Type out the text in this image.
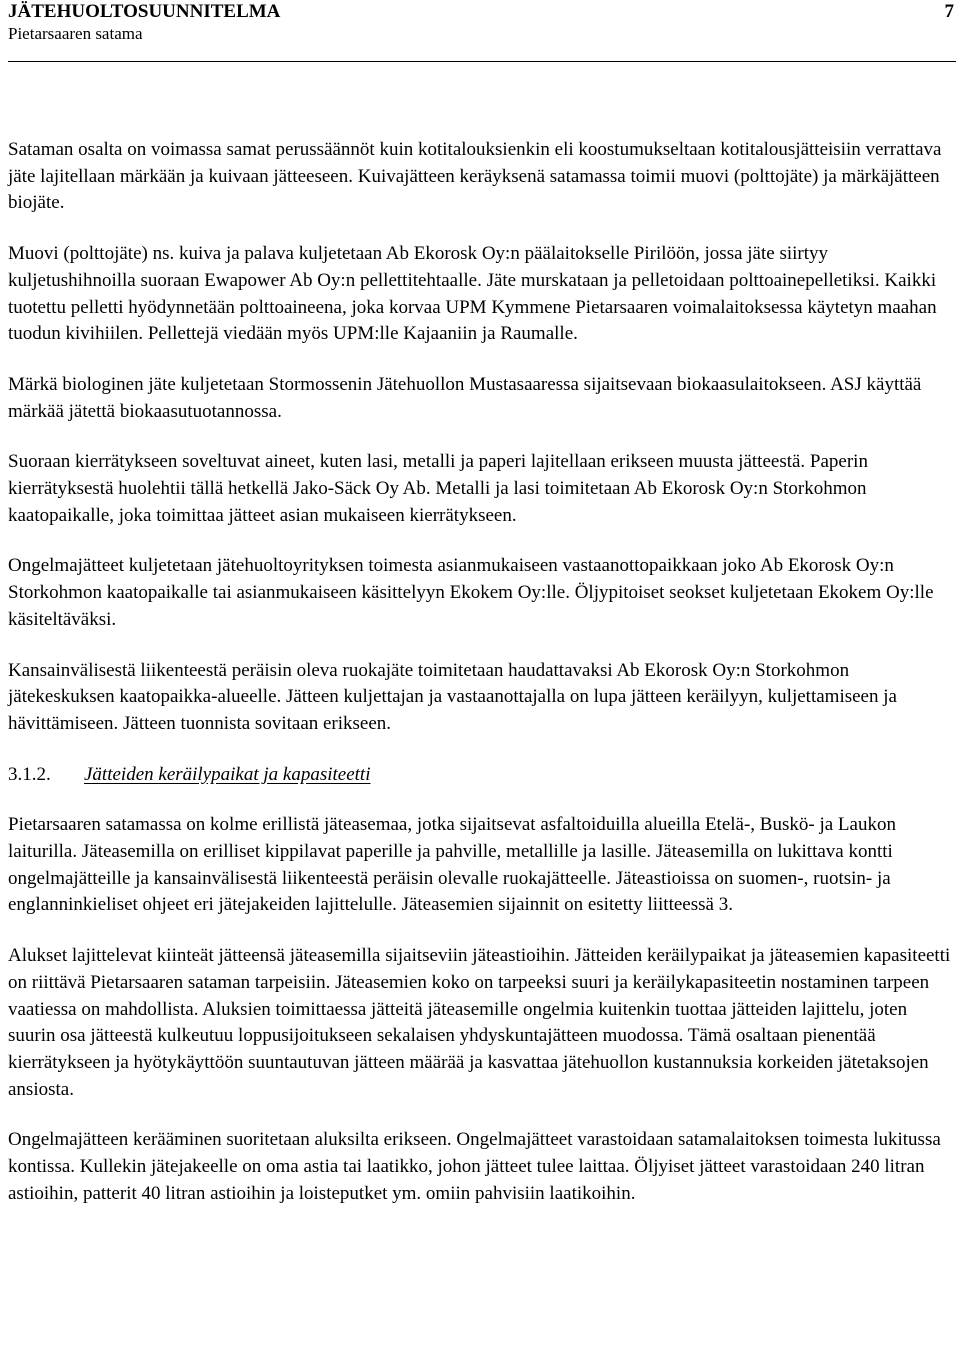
JÄTEHUOLTOSUUNNITELMA
Pietarsaaren satama
7

Sataman osalta on voimassa samat perussäännöt kuin kotitalouksienkin eli koostumukseltaan kotitalousjätteisiin verrattava jäte lajitellaan märkään ja kuivaan jätteeseen. Kuivajätteen keräyksenä satamassa toimii muovi (polttojäte) ja märkäjätteen biojäte.

Muovi (polttojäte) ns. kuiva ja palava kuljetetaan Ab Ekorosk Oy:n päälaitokselle Pirilöön, jossa jäte siirtyy kuljetushihnoilla suoraan Ewapower Ab Oy:n pellettitehtaalle. Jäte murskataan ja pelletoidaan polttoainepelletiksi. Kaikki tuotettu pelletti hyödynnetään polttoaineena, joka korvaa UPM Kymmene Pietarsaaren voimalaitoksessa käytetyn maahan tuodun kivihiilen. Pellettejä viedään myös UPM:lle Kajaaniin ja Raumalle.

Märkä biologinen jäte kuljetetaan Stormossenin Jätehuollon Mustasaaressa sijaitsevaan biokaasulaitokseen. ASJ käyttää märkää jätettä biokaasutuotannossa.

Suoraan kierrätykseen soveltuvat aineet, kuten lasi, metalli ja paperi lajitellaan erikseen muusta jätteestä. Paperin kierrätyksestä huolehtii tällä hetkellä Jako-Säck Oy Ab. Metalli ja lasi toimitetaan Ab Ekorosk Oy:n Storkohmon kaatopaikalle, joka toimittaa jätteet asian mukaiseen kierrätykseen.

Ongelmajätteet kuljetetaan jätehuoltoyrityksen toimesta asianmukaiseen vastaanottopaikkaan joko Ab Ekorosk Oy:n Storkohmon kaatopaikalle tai asianmukaiseen käsittelyyn Ekokem Oy:lle. Öljypitoiset seokset kuljetetaan Ekokem Oy:lle käsiteltäväksi.

Kansainvälisestä liikenteestä peräisin oleva ruokajäte toimitetaan haudattavaksi Ab Ekorosk Oy:n Storkohmon jätekeskuksen kaatopaikka-alueelle. Jätteen kuljettajan ja vastaanottajalla on lupa jätteen keräilyyn, kuljettamiseen ja hävittämiseen. Jätteen tuonnista sovitaan erikseen.

3.1.2. Jätteiden keräilypaikat ja kapasiteetti

Pietarsaaren satamassa on kolme erillistä jäteasemaa, jotka sijaitsevat asfaltoiduilla alueilla Etelä-, Buskö- ja Laukon laiturilla. Jäteasemilla on erilliset kippilavat paperille ja pahville, metallille ja lasille. Jäteasemilla on lukittava kontti ongelmajätteille ja kansainvälisestä liikenteestä peräisin olevalle ruokajätteelle. Jäteastioissa on suomen-, ruotsin- ja englanninkieliset ohjeet eri jätejakeiden lajittelulle. Jäteasemien sijainnit on esitetty liitteessä 3.

Alukset lajittelevat kiinteät jätteensä jäteasemilla sijaitseviin jäteastioihin. Jätteiden keräilypaikat ja jäteasemien kapasiteetti on riittävä Pietarsaaren sataman tarpeisiin. Jäteasemien koko on tarpeeksi suuri ja keräilykapasiteetin nostaminen tarpeen vaatiessa on mahdollista. Aluksien toimittaessa jätteitä jäteasemille ongelmia kuitenkin tuottaa jätteiden lajittelu, joten suurin osa jätteestä kulkeutuu loppusijoitukseen sekalaisen yhdyskuntajätteen muodossa. Tämä osaltaan pienentää kierrätykseen ja hyötykäyttöön suuntautuvan jätteen määrää ja kasvattaa jätehuollon kustannuksia korkeiden jätetaksojen ansiosta.

Ongelmajätteen kerääminen suoritetaan aluksilta erikseen. Ongelmajätteet varastoidaan satamalaitoksen toimesta lukitussa kontissa. Kullekin jätejakeelle on oma astia tai laatikko, johon jätteet tulee laittaa. Öljyiset jätteet varastoidaan 240 litran astioihin, patterit 40 litran astioihin ja loisteputket ym. omiin pahvisiin laatikoihin.
